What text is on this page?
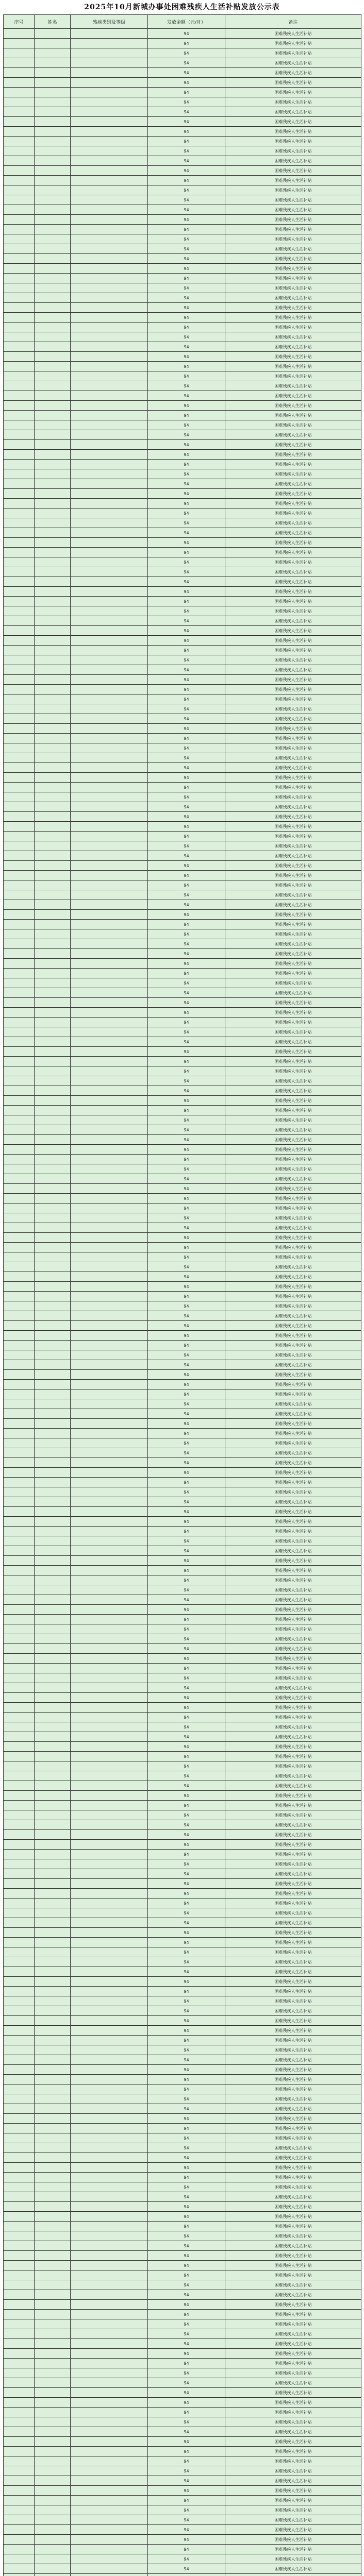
2025年10月新城办事处困难残疾人生活补贴发放公示表
序号	姓名	残疾类别及等级	发放金额（元/月）	备注
			94	困难残疾人生活补贴
			94	困难残疾人生活补贴
			94	困难残疾人生活补贴
			94	困难残疾人生活补贴
			94	困难残疾人生活补贴
			94	困难残疾人生活补贴
			94	困难残疾人生活补贴
			94	困难残疾人生活补贴
			94	困难残疾人生活补贴
			94	困难残疾人生活补贴
			94	困难残疾人生活补贴
			94	困难残疾人生活补贴
			94	困难残疾人生活补贴
			94	困难残疾人生活补贴
			94	困难残疾人生活补贴
			94	困难残疾人生活补贴
			94	困难残疾人生活补贴
			94	困难残疾人生活补贴
			94	困难残疾人生活补贴
			94	困难残疾人生活补贴
			94	困难残疾人生活补贴
			94	困难残疾人生活补贴
			94	困难残疾人生活补贴
			94	困难残疾人生活补贴
			94	困难残疾人生活补贴
			94	困难残疾人生活补贴
			94	困难残疾人生活补贴
			94	困难残疾人生活补贴
			94	困难残疾人生活补贴
			94	困难残疾人生活补贴
			94	困难残疾人生活补贴
			94	困难残疾人生活补贴
			94	困难残疾人生活补贴
			94	困难残疾人生活补贴
			94	困难残疾人生活补贴
			94	困难残疾人生活补贴
			94	困难残疾人生活补贴
			94	困难残疾人生活补贴
			94	困难残疾人生活补贴
			94	困难残疾人生活补贴
			94	困难残疾人生活补贴
			94	困难残疾人生活补贴
			94	困难残疾人生活补贴
			94	困难残疾人生活补贴
			94	困难残疾人生活补贴
			94	困难残疾人生活补贴
			94	困难残疾人生活补贴
			94	困难残疾人生活补贴
			94	困难残疾人生活补贴
			94	困难残疾人生活补贴
			94	困难残疾人生活补贴
			94	困难残疾人生活补贴
			94	困难残疾人生活补贴
			94	困难残疾人生活补贴
			94	困难残疾人生活补贴
			94	困难残疾人生活补贴
			94	困难残疾人生活补贴
			94	困难残疾人生活补贴
			94	困难残疾人生活补贴
			94	困难残疾人生活补贴
			94	困难残疾人生活补贴
			94	困难残疾人生活补贴
			94	困难残疾人生活补贴
			94	困难残疾人生活补贴
			94	困难残疾人生活补贴
			94	困难残疾人生活补贴
			94	困难残疾人生活补贴
			94	困难残疾人生活补贴
			94	困难残疾人生活补贴
			94	困难残疾人生活补贴
			94	困难残疾人生活补贴
			94	困难残疾人生活补贴
			94	困难残疾人生活补贴
			94	困难残疾人生活补贴
			94	困难残疾人生活补贴
			94	困难残疾人生活补贴
			94	困难残疾人生活补贴
			94	困难残疾人生活补贴
			94	困难残疾人生活补贴
			94	困难残疾人生活补贴
			94	困难残疾人生活补贴
			94	困难残疾人生活补贴
			94	困难残疾人生活补贴
			94	困难残疾人生活补贴
			94	困难残疾人生活补贴
			94	困难残疾人生活补贴
			94	困难残疾人生活补贴
			94	困难残疾人生活补贴
			94	困难残疾人生活补贴
			94	困难残疾人生活补贴
			94	困难残疾人生活补贴
			94	困难残疾人生活补贴
			94	困难残疾人生活补贴
			94	困难残疾人生活补贴
			94	困难残疾人生活补贴
			94	困难残疾人生活补贴
			94	困难残疾人生活补贴
			94	困难残疾人生活补贴
			94	困难残疾人生活补贴
			94	困难残疾人生活补贴
			94	困难残疾人生活补贴
			94	困难残疾人生活补贴
			94	困难残疾人生活补贴
			94	困难残疾人生活补贴
			94	困难残疾人生活补贴
			94	困难残疾人生活补贴
			94	困难残疾人生活补贴
			94	困难残疾人生活补贴
			94	困难残疾人生活补贴
			94	困难残疾人生活补贴
			94	困难残疾人生活补贴
			94	困难残疾人生活补贴
			94	困难残疾人生活补贴
			94	困难残疾人生活补贴
			94	困难残疾人生活补贴
			94	困难残疾人生活补贴
			94	困难残疾人生活补贴
			94	困难残疾人生活补贴
			94	困难残疾人生活补贴
			94	困难残疾人生活补贴
			94	困难残疾人生活补贴
			94	困难残疾人生活补贴
			94	困难残疾人生活补贴
			94	困难残疾人生活补贴
			94	困难残疾人生活补贴
			94	困难残疾人生活补贴
			94	困难残疾人生活补贴
			94	困难残疾人生活补贴
			94	困难残疾人生活补贴
			94	困难残疾人生活补贴
			94	困难残疾人生活补贴
			94	困难残疾人生活补贴
			94	困难残疾人生活补贴
			94	困难残疾人生活补贴
			94	困难残疾人生活补贴
			94	困难残疾人生活补贴
			94	困难残疾人生活补贴
			94	困难残疾人生活补贴
			94	困难残疾人生活补贴
			94	困难残疾人生活补贴
			94	困难残疾人生活补贴
			94	困难残疾人生活补贴
			94	困难残疾人生活补贴
			94	困难残疾人生活补贴
			94	困难残疾人生活补贴
			94	困难残疾人生活补贴
			94	困难残疾人生活补贴
			94	困难残疾人生活补贴
			94	困难残疾人生活补贴
			94	困难残疾人生活补贴
			94	困难残疾人生活补贴
			94	困难残疾人生活补贴
			94	困难残疾人生活补贴
			94	困难残疾人生活补贴
			94	困难残疾人生活补贴
			94	困难残疾人生活补贴
			94	困难残疾人生活补贴
			94	困难残疾人生活补贴
			94	困难残疾人生活补贴
			94	困难残疾人生活补贴
			94	困难残疾人生活补贴
			94	困难残疾人生活补贴
			94	困难残疾人生活补贴
			94	困难残疾人生活补贴
			94	困难残疾人生活补贴
			94	困难残疾人生活补贴
			94	困难残疾人生活补贴
			94	困难残疾人生活补贴
			94	困难残疾人生活补贴
			94	困难残疾人生活补贴
			94	困难残疾人生活补贴
			94	困难残疾人生活补贴
			94	困难残疾人生活补贴
			94	困难残疾人生活补贴
			94	困难残疾人生活补贴
			94	困难残疾人生活补贴
			94	困难残疾人生活补贴
			94	困难残疾人生活补贴
			94	困难残疾人生活补贴
			94	困难残疾人生活补贴
			94	困难残疾人生活补贴
			94	困难残疾人生活补贴
			94	困难残疾人生活补贴
			94	困难残疾人生活补贴
			94	困难残疾人生活补贴
			94	困难残疾人生活补贴
			94	困难残疾人生活补贴
			94	困难残疾人生活补贴
			94	困难残疾人生活补贴
			94	困难残疾人生活补贴
			94	困难残疾人生活补贴
			94	困难残疾人生活补贴
			94	困难残疾人生活补贴
			94	困难残疾人生活补贴
			94	困难残疾人生活补贴
			94	困难残疾人生活补贴
			94	困难残疾人生活补贴
			94	困难残疾人生活补贴
			94	困难残疾人生活补贴
			94	困难残疾人生活补贴
			94	困难残疾人生活补贴
			94	困难残疾人生活补贴
			94	困难残疾人生活补贴
			94	困难残疾人生活补贴
			94	困难残疾人生活补贴
			94	困难残疾人生活补贴
			94	困难残疾人生活补贴
			94	困难残疾人生活补贴
			94	困难残疾人生活补贴
			94	困难残疾人生活补贴
			94	困难残疾人生活补贴
			94	困难残疾人生活补贴
			94	困难残疾人生活补贴
			94	困难残疾人生活补贴
			94	困难残疾人生活补贴
			94	困难残疾人生活补贴
			94	困难残疾人生活补贴
			94	困难残疾人生活补贴
			94	困难残疾人生活补贴
			94	困难残疾人生活补贴
			94	困难残疾人生活补贴
			94	困难残疾人生活补贴
			94	困难残疾人生活补贴
			94	困难残疾人生活补贴
			94	困难残疾人生活补贴
			94	困难残疾人生活补贴
			94	困难残疾人生活补贴
			94	困难残疾人生活补贴
			94	困难残疾人生活补贴
			94	困难残疾人生活补贴
			94	困难残疾人生活补贴
			94	困难残疾人生活补贴
			94	困难残疾人生活补贴
			94	困难残疾人生活补贴
			94	困难残疾人生活补贴
			94	困难残疾人生活补贴
			94	困难残疾人生活补贴
			94	困难残疾人生活补贴
			94	困难残疾人生活补贴
			94	困难残疾人生活补贴
			94	困难残疾人生活补贴
			94	困难残疾人生活补贴
			94	困难残疾人生活补贴
			94	困难残疾人生活补贴
			94	困难残疾人生活补贴
			94	困难残疾人生活补贴
			94	困难残疾人生活补贴
			94	困难残疾人生活补贴
			94	困难残疾人生活补贴
			94	困难残疾人生活补贴
			94	困难残疾人生活补贴
			94	困难残疾人生活补贴
			94	困难残疾人生活补贴
			94	困难残疾人生活补贴
			94	困难残疾人生活补贴
			94	困难残疾人生活补贴
			94	困难残疾人生活补贴
			94	困难残疾人生活补贴
			94	困难残疾人生活补贴
			94	困难残疾人生活补贴
